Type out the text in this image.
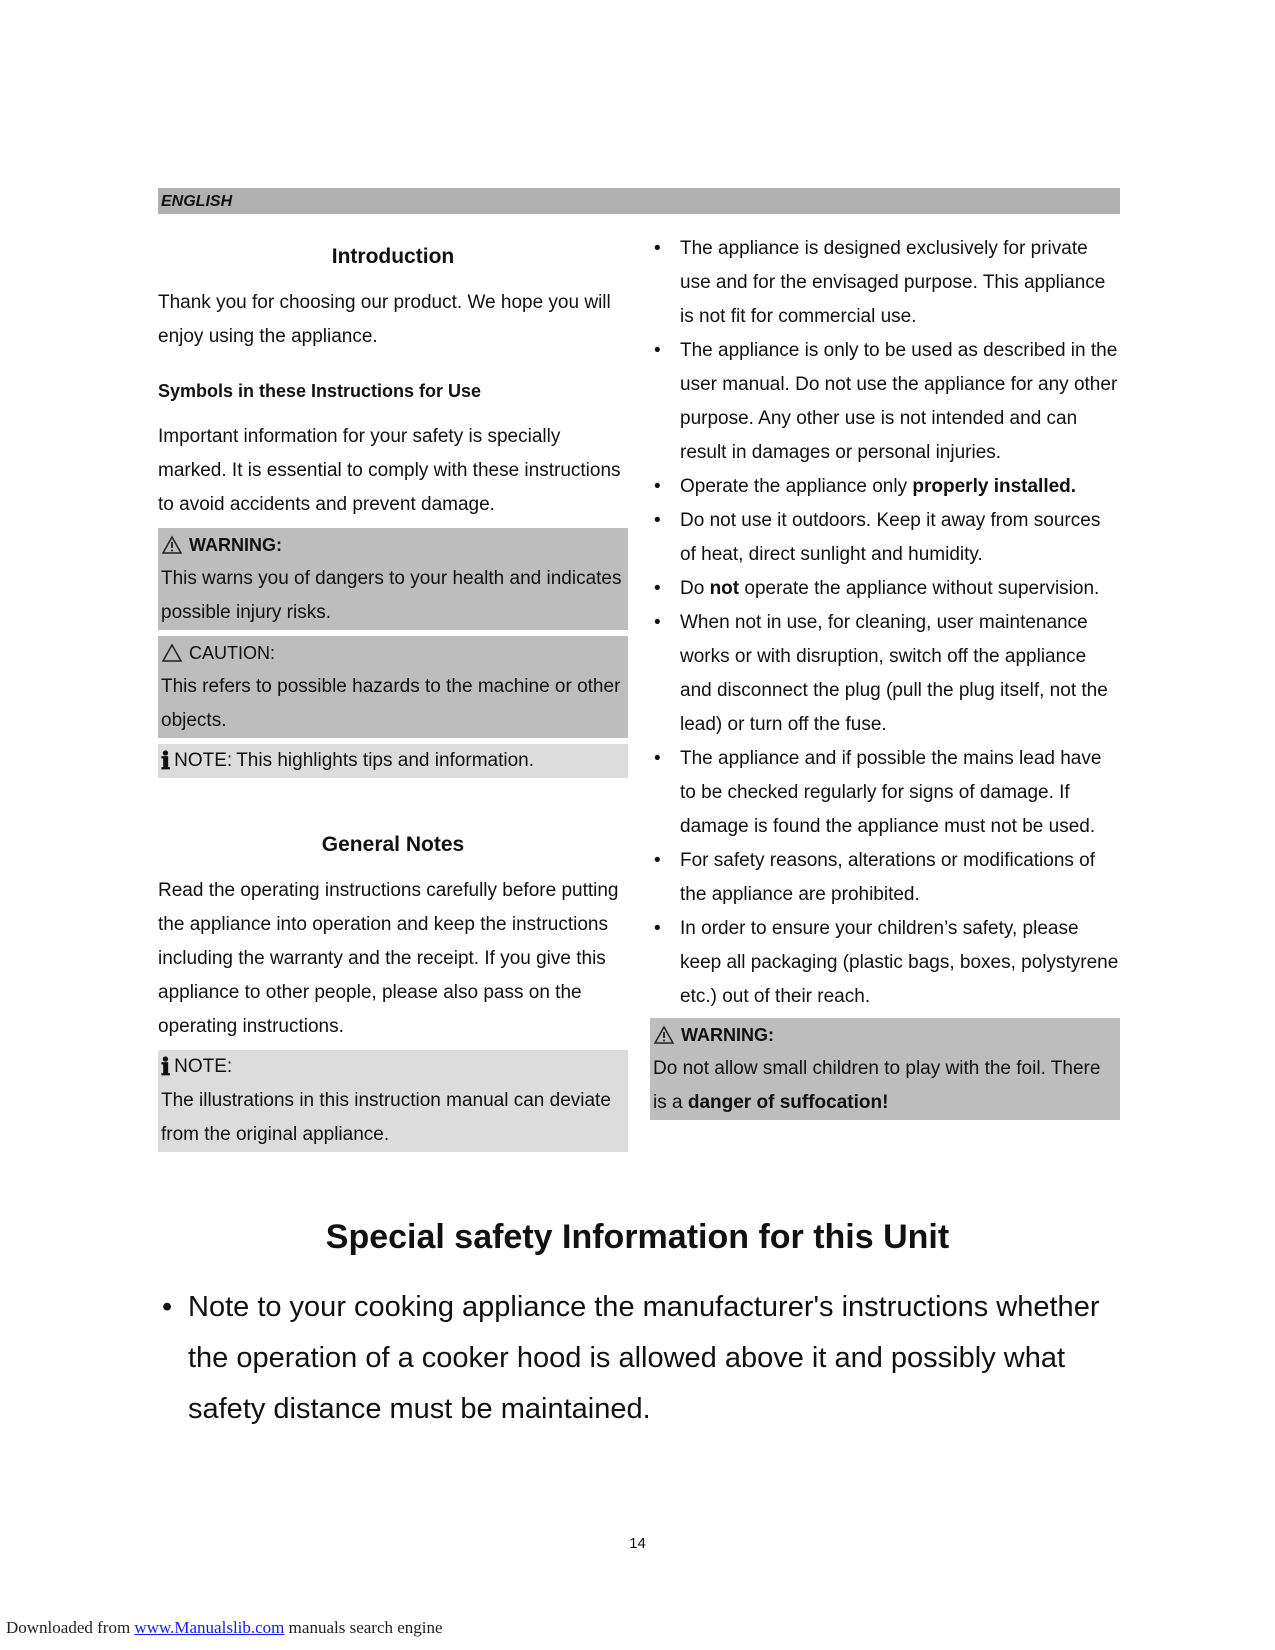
ENGLISH
Introduction

Thank you for choosing our product. We hope you will enjoy using the appliance.

Symbols in these Instructions for Use

Important information for your safety is specially marked. It is essential to comply with these instructions to avoid accidents and prevent damage.

WARNING:

This warns you of dangers to your health and indicates possible injury risks.

CAUTION:

This refers to possible hazards to the machine or other objects.

ℹ NOTE: This highlights tips and information.
General Notes

Read the operating instructions carefully before putting the appliance into operation and keep the instructions including the warranty and the receipt. If you give this appliance to other people, please also pass on the operating instructions.

ℹ NOTE:

The illustrations in this instruction manual can deviate from the original appliance.

• The appliance is designed exclusively for private use and for the envisaged purpose. This appliance is not fit for commercial use.
• The appliance is only to be used as described in the user manual. Do not use the appliance for any other purpose. Any other use is not intended and can result in damages or personal injuries.
• Operate the appliance only properly installed.
• Do not use it outdoors. Keep it away from sources of heat, direct sunlight and humidity.
• Do not operate the appliance without supervision.
• When not in use, for cleaning, user maintenance works or with disruption, switch off the appliance and disconnect the plug (pull the plug itself, not the lead) or turn off the fuse.
• The appliance and if possible the mains lead have to be checked regularly for signs of damage. If damage is found the appliance must not be used.
• For safety reasons, alterations or modifications of the appliance are prohibited.
• In order to ensure your children’s safety, please keep all packaging (plastic bags, boxes, polystyrene etc.) out of their reach.
WARNING:

Do not allow small children to play with the foil. There is a danger of suffocation!

Special safety Information for this Unit
• Note to your cooking appliance the manufacturer's instructions whether the operation of a cooker hood is allowed above it and possibly what safety distance must be maintained.
14
Downloaded from www.Manualslib.com manuals search engine
